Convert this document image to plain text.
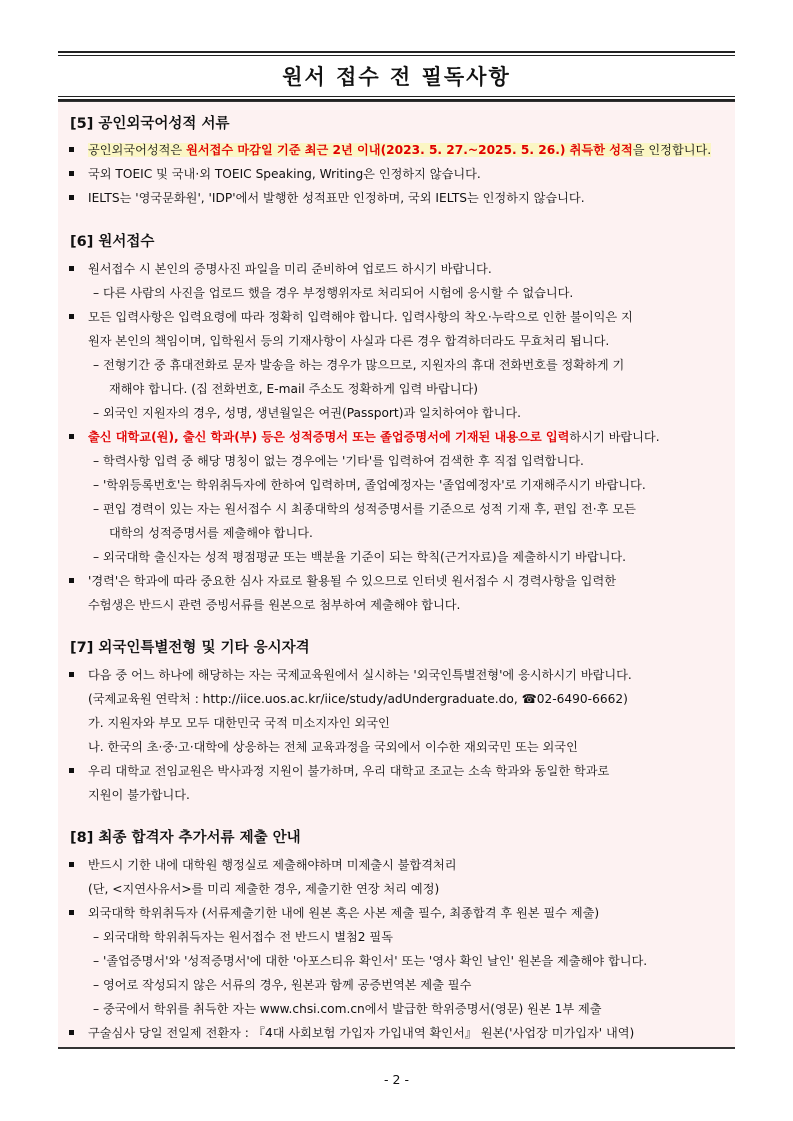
원서 접수 전 필독사항
[5] 공인외국어성적 서류
공인외국어성적은 원서접수 마감일 기준 최근 2년 이내(2023. 5. 27.~2025. 5. 26.) 취득한 성적을 인정합니다.
국외 TOEIC 및 국내·외 TOEIC Speaking, Writing은 인정하지 않습니다.
IELTS는 '영국문화원', 'IDP'에서 발행한 성적표만 인정하며, 국외 IELTS는 인정하지 않습니다.
[6] 원서접수
원서접수 시 본인의 증명사진 파일을 미리 준비하여 업로드 하시기 바랍니다.
– 다른 사람의 사진을 업로드 했을 경우 부정행위자로 처리되어 시험에 응시할 수 없습니다.
모든 입력사항은 입력요령에 따라 정확히 입력해야 합니다. 입력사항의 착오·누락으로 인한 불이익은 지
원자 본인의 책임이며, 입학원서 등의 기재사항이 사실과 다른 경우 합격하더라도 무효처리 됩니다.
– 전형기간 중 휴대전화로 문자 발송을 하는 경우가 많으므로, 지원자의 휴대 전화번호를 정확하게 기
재해야 합니다. (집 전화번호, E-mail 주소도 정확하게 입력 바랍니다)
– 외국인 지원자의 경우, 성명, 생년월일은 여권(Passport)과 일치하여야 합니다.
출신 대학교(원), 출신 학과(부) 등은 성적증명서 또는 졸업증명서에 기재된 내용으로 입력하시기 바랍니다.
– 학력사항 입력 중 해당 명칭이 없는 경우에는 '기타'를 입력하여 검색한 후 직접 입력합니다.
– '학위등록번호'는 학위취득자에 한하여 입력하며, 졸업예정자는 '졸업예정자'로 기재해주시기 바랍니다.
– 편입 경력이 있는 자는 원서접수 시 최종대학의 성적증명서를 기준으로 성적 기재 후, 편입 전·후 모든
대학의 성적증명서를 제출해야 합니다.
– 외국대학 출신자는 성적 평점평균 또는 백분율 기준이 되는 학칙(근거자료)을 제출하시기 바랍니다.
'경력'은 학과에 따라 중요한 심사 자료로 활용될 수 있으므로 인터넷 원서접수 시 경력사항을 입력한
수험생은 반드시 관련 증빙서류를 원본으로 첨부하여 제출해야 합니다.
[7] 외국인특별전형 및 기타 응시자격
다음 중 어느 하나에 해당하는 자는 국제교육원에서 실시하는 '외국인특별전형'에 응시하시기 바랍니다.
(국제교육원 연락처 : http://iice.uos.ac.kr/iice/study/adUndergraduate.do, ☎02-6490-6662)
가. 지원자와 부모 모두 대한민국 국적 미소지자인 외국인
나. 한국의 초·중·고·대학에 상응하는 전체 교육과정을 국외에서 이수한 재외국민 또는 외국인
우리 대학교 전임교원은 박사과정 지원이 불가하며, 우리 대학교 조교는 소속 학과와 동일한 학과로
지원이 불가합니다.
[8] 최종 합격자 추가서류 제출 안내
반드시 기한 내에 대학원 행정실로 제출해야하며 미제출시 불합격처리
(단, <지연사유서>를 미리 제출한 경우, 제출기한 연장 처리 예정)
외국대학 학위취득자 (서류제출기한 내에 원본 혹은 사본 제출 필수, 최종합격 후 원본 필수 제출)
– 외국대학 학위취득자는 원서접수 전 반드시 별첨2 필독
– '졸업증명서'와 '성적증명서'에 대한 '아포스티유 확인서' 또는 '영사 확인 날인' 원본을 제출해야 합니다.
– 영어로 작성되지 않은 서류의 경우, 원본과 함께 공증번역본 제출 필수
– 중국에서 학위를 취득한 자는 www.chsi.com.cn에서 발급한 학위증명서(영문) 원본 1부 제출
구술심사 당일 전일제 전환자 : 『4대 사회보험 가입자 가입내역 확인서』 원본('사업장 미가입자' 내역)
- 2 -
